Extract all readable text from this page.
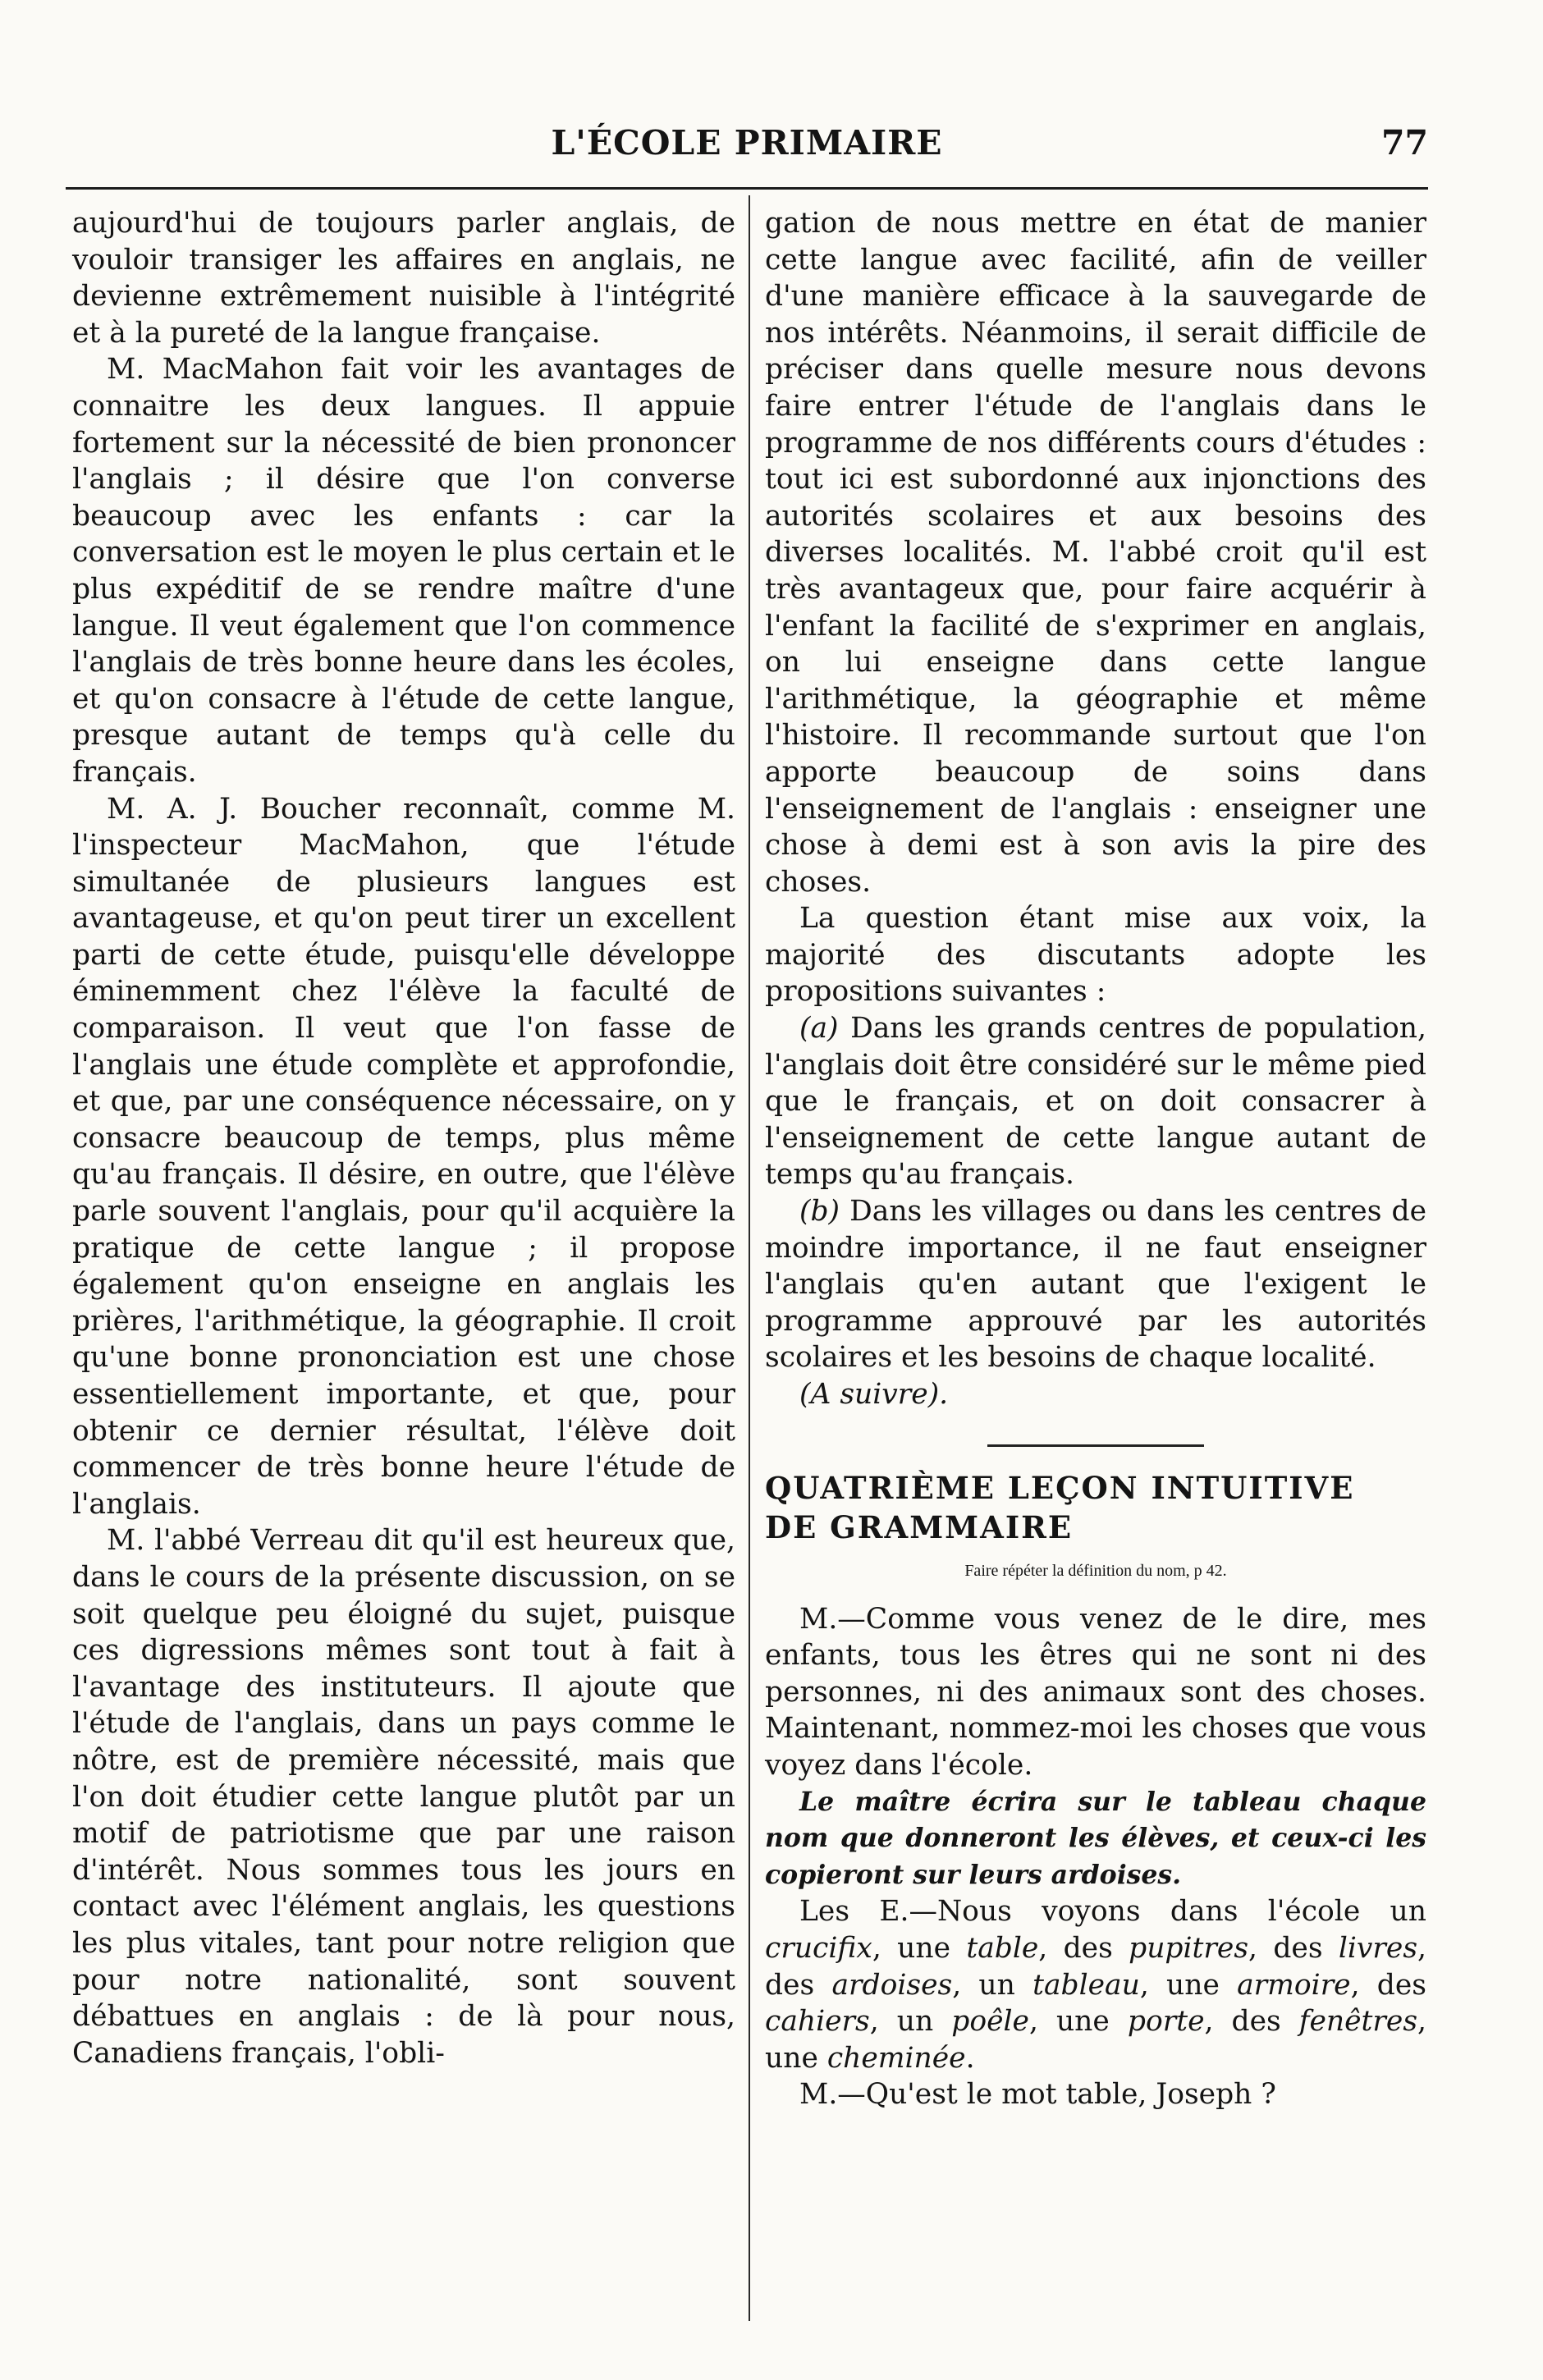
L'ÉCOLE PRIMAIRE	77

aujourd'hui de toujours parler anglais, de vouloir transiger les affaires en anglais, ne devienne extrêmement nuisible à l'intégrité et à la pureté de la langue française.

M. MacMahon fait voir les avantages de connaitre les deux langues. Il appuie fortement sur la nécessité de bien prononcer l'anglais ; il désire que l'on converse beaucoup avec les enfants : car la conversation est le moyen le plus certain et le plus expéditif de se rendre maître d'une langue. Il veut également que l'on commence l'anglais de très bonne heure dans les écoles, et qu'on consacre à l'étude de cette langue, presque autant de temps qu'à celle du français.

M. A. J. Boucher reconnaît, comme M. l'inspecteur MacMahon, que l'étude simultanée de plusieurs langues est avantageuse, et qu'on peut tirer un excellent parti de cette étude, puisqu'elle développe éminemment chez l'élève la faculté de comparaison. Il veut que l'on fasse de l'anglais une étude complète et approfondie, et que, par une conséquence nécessaire, on y consacre beaucoup de temps, plus même qu'au français. Il désire, en outre, que l'élève parle souvent l'anglais, pour qu'il acquière la pratique de cette langue ; il propose également qu'on enseigne en anglais les prières, l'arithmétique, la géographie. Il croit qu'une bonne prononciation est une chose essentiellement importante, et que, pour obtenir ce dernier résultat, l'élève doit commencer de très bonne heure l'étude de l'anglais.

M. l'abbé Verreau dit qu'il est heureux que, dans le cours de la présente discussion, on se soit quelque peu éloigné du sujet, puisque ces digressions mêmes sont tout à fait à l'avantage des instituteurs. Il ajoute que l'étude de l'anglais, dans un pays comme le nôtre, est de première nécessité, mais que l'on doit étudier cette langue plutôt par un motif de patriotisme que par une raison d'intérêt. Nous sommes tous les jours en contact avec l'élément anglais, les questions les plus vitales, tant pour notre religion que pour notre nationalité, sont souvent débattues en anglais : de là pour nous, Canadiens français, l'obli-

gation de nous mettre en état de manier cette langue avec facilité, afin de veiller d'une manière efficace à la sauvegarde de nos intérêts. Néanmoins, il serait difficile de préciser dans quelle mesure nous devons faire entrer l'étude de l'anglais dans le programme de nos différents cours d'études : tout ici est subordonné aux injonctions des autorités scolaires et aux besoins des diverses localités. M. l'abbé croit qu'il est très avantageux que, pour faire acquérir à l'enfant la facilité de s'exprimer en anglais, on lui enseigne dans cette langue l'arithmétique, la géographie et même l'histoire. Il recommande surtout que l'on apporte beaucoup de soins dans l'enseignement de l'anglais : enseigner une chose à demi est à son avis la pire des choses.

La question étant mise aux voix, la majorité des discutants adopte les propositions suivantes :

(a) Dans les grands centres de population, l'anglais doit être considéré sur le même pied que le français, et on doit consacrer à l'enseignement de cette langue autant de temps qu'au français.

(b) Dans les villages ou dans les centres de moindre importance, il ne faut enseigner l'anglais qu'en autant que l'exigent le programme approuvé par les autorités scolaires et les besoins de chaque localité.

(A suivre).

QUATRIÈME LEÇON INTUITIVE

DE GRAMMAIRE

Faire répéter la définition du nom, p 42.

M.—Comme vous venez de le dire, mes enfants, tous les êtres qui ne sont ni des personnes, ni des animaux sont des choses. Maintenant, nommez-moi les choses que vous voyez dans l'école.

Le maître écrira sur le tableau chaque nom que donneront les élèves, et ceux-ci les copieront sur leurs ardoises.

Les E.—Nous voyons dans l'école un crucifix, une table, des pupitres, des livres, des ardoises, un tableau, une armoire, des cahiers, un poêle, une porte, des fenêtres, une cheminée.

M.—Qu'est le mot table, Joseph ?
